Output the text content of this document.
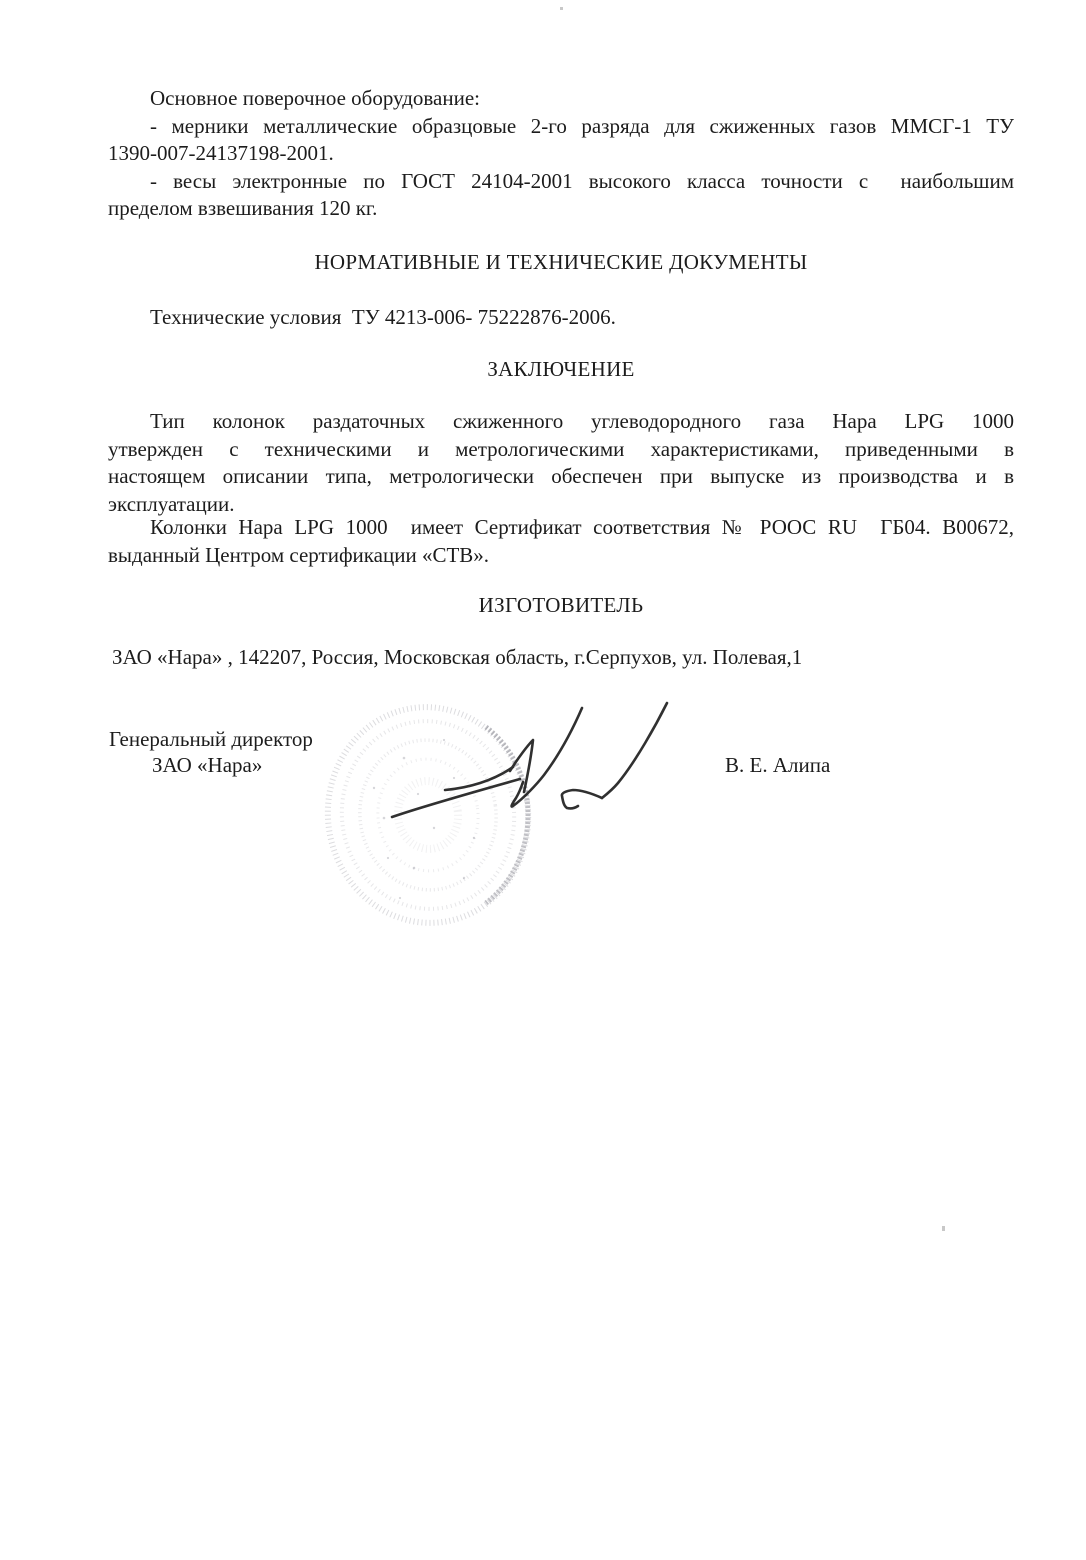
Основное поверочное оборудование:
- мерники металлические образцовые 2-го разряда для сжиженных газов ММСГ-1 ТУ
1390-007-24137198-2001.
- весы электронные по ГОСТ 24104-2001 высокого класса точности с  наибольшим
пределом взвешивания 120 кг.
НОРМАТИВНЫЕ И ТЕХНИЧЕСКИЕ ДОКУМЕНТЫ
Технические условия  ТУ 4213-006- 75222876-2006.
ЗАКЛЮЧЕНИЕ
Тип колонок раздаточных сжиженного углеводородного газа Нара LPG 1000
утвержден с техническими и метрологическими характеристиками, приведенными в
настоящем описании типа, метрологически обеспечен при выпуске из производства и в
эксплуатации.
Колонки Нара LPG 1000  имеет Сертификат соответствия № РООС RU  ГБ04. В00672,
выданный Центром сертификации «СТВ».
ИЗГОТОВИТЕЛЬ
ЗАО «Нара» , 142207, Россия, Московская область, г.Серпухов, ул. Полевая,1
Генеральный директор
ЗАО «Нара»	В. Е. Алипа
